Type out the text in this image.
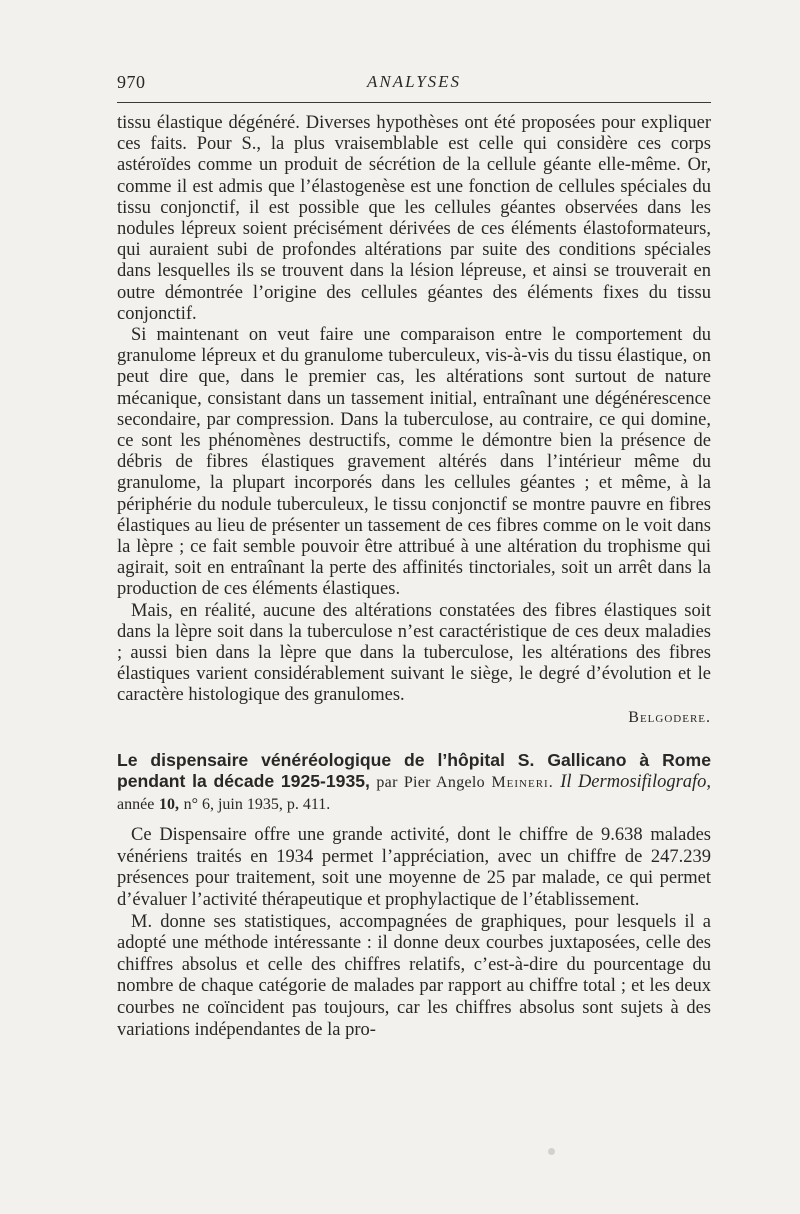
970	ANALYSES

tissu élastique dégénéré. Diverses hypothèses ont été proposées pour expliquer ces faits. Pour S., la plus vraisemblable est celle qui considère ces corps astéroïdes comme un produit de sécrétion de la cellule géante elle-même. Or, comme il est admis que l’élastogenèse est une fonction de cellules spéciales du tissu conjonctif, il est possible que les cellules géantes observées dans les nodules lépreux soient précisément dérivées de ces éléments élastoformateurs, qui auraient subi de profondes altérations par suite des conditions spéciales dans lesquelles ils se trouvent dans la lésion lépreuse, et ainsi se trouverait en outre démontrée l’origine des cellules géantes des éléments fixes du tissu conjonctif.

Si maintenant on veut faire une comparaison entre le comportement du granulome lépreux et du granulome tuberculeux, vis-à-vis du tissu élastique, on peut dire que, dans le premier cas, les altérations sont surtout de nature mécanique, consistant dans un tassement initial, entraînant une dégénérescence secondaire, par compression. Dans la tuberculose, au contraire, ce qui domine, ce sont les phénomènes destructifs, comme le démontre bien la présence de débris de fibres élastiques gravement altérés dans l’intérieur même du granulome, la plupart incorporés dans les cellules géantes ; et même, à la périphérie du nodule tuberculeux, le tissu conjonctif se montre pauvre en fibres élastiques au lieu de présenter un tassement de ces fibres comme on le voit dans la lèpre ; ce fait semble pouvoir être attribué à une altération du trophisme qui agirait, soit en entraînant la perte des affinités tinctoriales, soit un arrêt dans la production de ces éléments élastiques.

Mais, en réalité, aucune des altérations constatées des fibres élastiques soit dans la lèpre soit dans la tuberculose n’est caractéristique de ces deux maladies ; aussi bien dans la lèpre que dans la tuberculose, les altérations des fibres élastiques varient considérablement suivant le siège, le degré d’évolution et le caractère histologique des granulomes.

Belgodere.

Le dispensaire vénéréologique de l’hôpital S. Gallicano à Rome pendant la décade 1925-1935, par Pier Angelo Meineri. Il Dermosifilografo, année 10, n° 6, juin 1935, p. 411.

Ce Dispensaire offre une grande activité, dont le chiffre de 9.638 malades vénériens traités en 1934 permet l’appréciation, avec un chiffre de 247.239 présences pour traitement, soit une moyenne de 25 par malade, ce qui permet d’évaluer l’activité thérapeutique et prophylactique de l’établissement.

M. donne ses statistiques, accompagnées de graphiques, pour lesquels il a adopté une méthode intéressante : il donne deux courbes juxtaposées, celle des chiffres absolus et celle des chiffres relatifs, c’est-à-dire du pourcentage du nombre de chaque catégorie de malades par rapport au chiffre total ; et les deux courbes ne coïncident pas toujours, car les chiffres absolus sont sujets à des variations indépendantes de la pro-
